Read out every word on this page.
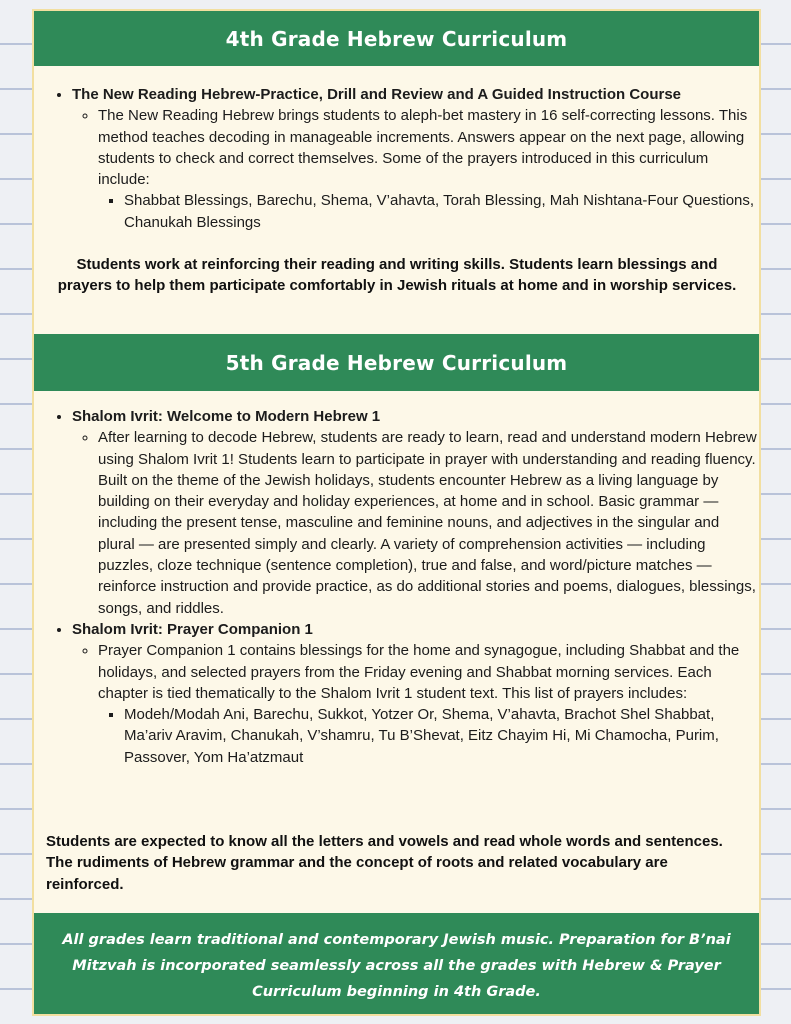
4th Grade Hebrew Curriculum
• The New Reading Hebrew-Practice, Drill and Review and A Guided Instruction Course
◦ The New Reading Hebrew brings students to aleph-bet mastery in 16 self-correcting lessons. This method teaches decoding in manageable increments. Answers appear on the next page, allowing students to check and correct themselves. Some of the prayers introduced in this curriculum include:
▪ Shabbat Blessings, Barechu, Shema, V’ahavta, Torah Blessing, Mah Nishtana-Four Questions, Chanukah Blessings
Students work at reinforcing their reading and writing skills. Students learn blessings and prayers to help them participate comfortably in Jewish rituals at home and in worship services.
5th Grade Hebrew Curriculum
• Shalom Ivrit: Welcome to Modern Hebrew 1
◦ After learning to decode Hebrew, students are ready to learn, read and understand modern Hebrew using Shalom Ivrit 1! Students learn to participate in prayer with understanding and reading fluency. Built on the theme of the Jewish holidays, students encounter Hebrew as a living language by building on their everyday and holiday experiences, at home and in school. Basic grammar — including the present tense, masculine and feminine nouns, and adjectives in the singular and plural — are presented simply and clearly. A variety of comprehension activities — including puzzles, cloze technique (sentence completion), true and false, and word/picture matches — reinforce instruction and provide practice, as do additional stories and poems, dialogues, blessings, songs, and riddles.
• Shalom Ivrit: Prayer Companion 1
◦ Prayer Companion 1 contains blessings for the home and synagogue, including Shabbat and the holidays, and selected prayers from the Friday evening and Shabbat morning services. Each chapter is tied thematically to the Shalom Ivrit 1 student text. This list of prayers includes:
▪ Modeh/Modah Ani, Barechu, Sukkot, Yotzer Or, Shema, V’ahavta, Brachot Shel Shabbat, Ma’ariv Aravim, Chanukah, V’shamru, Tu B’Shevat, Eitz Chayim Hi, Mi Chamocha, Purim, Passover, Yom Ha’atzmaut
Students are expected to know all the letters and vowels and read whole words and sentences. The rudiments of Hebrew grammar and the concept of roots and related vocabulary are reinforced.
All grades learn traditional and contemporary Jewish music. Preparation for B’nai Mitzvah is incorporated seamlessly across all the grades with Hebrew & Prayer Curriculum beginning in 4th Grade.
